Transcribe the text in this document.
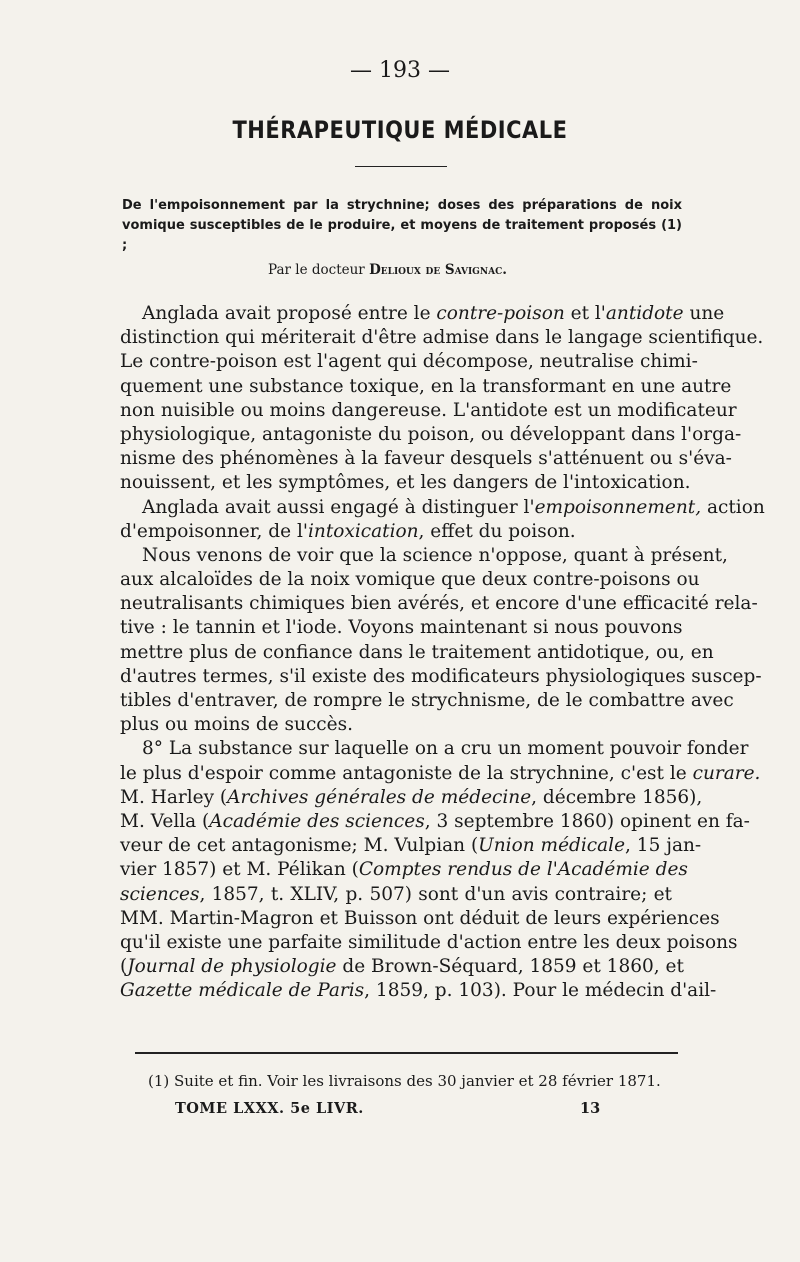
— 193 —
THÉRAPEUTIQUE MÉDICALE
De l'empoisonnement par la strychnine; doses des préparations de noix vomique susceptibles de le produire, et moyens de traitement proposés (1) ;
Par le docteur Delioux de Savignac.
Anglada avait proposé entre le contre-poison et l'antidote une
distinction qui mériterait d'être admise dans le langage scientifique.
Le contre-poison est l'agent qui décompose, neutralise chimi-
quement une substance toxique, en la transformant en une autre
non nuisible ou moins dangereuse. L'antidote est un modificateur
physiologique, antagoniste du poison, ou développant dans l'orga-
nisme des phénomènes à la faveur desquels s'atténuent ou s'éva-
nouissent, et les symptômes, et les dangers de l'intoxication.
Anglada avait aussi engagé à distinguer l'empoisonnement, action
d'empoisonner, de l'intoxication, effet du poison.
Nous venons de voir que la science n'oppose, quant à présent,
aux alcaloïdes de la noix vomique que deux contre-poisons ou
neutralisants chimiques bien avérés, et encore d'une efficacité rela-
tive : le tannin et l'iode. Voyons maintenant si nous pouvons
mettre plus de confiance dans le traitement antidotique, ou, en
d'autres termes, s'il existe des modificateurs physiologiques suscep-
tibles d'entraver, de rompre le strychnisme, de le combattre avec
plus ou moins de succès.
8° La substance sur laquelle on a cru un moment pouvoir fonder
le plus d'espoir comme antagoniste de la strychnine, c'est le curare.
M. Harley (Archives générales de médecine, décembre 1856),
M. Vella (Académie des sciences, 3 septembre 1860) opinent en fa-
veur de cet antagonisme; M. Vulpian (Union médicale, 15 jan-
vier 1857) et M. Pélikan (Comptes rendus de l'Académie des
sciences, 1857, t. XLIV, p. 507) sont d'un avis contraire; et
MM. Martin-Magron et Buisson ont déduit de leurs expériences
qu'il existe une parfaite similitude d'action entre les deux poisons
(Journal de physiologie de Brown-Séquard, 1859 et 1860, et
Gazette médicale de Paris, 1859, p. 103). Pour le médecin d'ail-
(1) Suite et fin. Voir les livraisons des 30 janvier et 28 février 1871.
TOME LXXX. 5e LIVR.	13
